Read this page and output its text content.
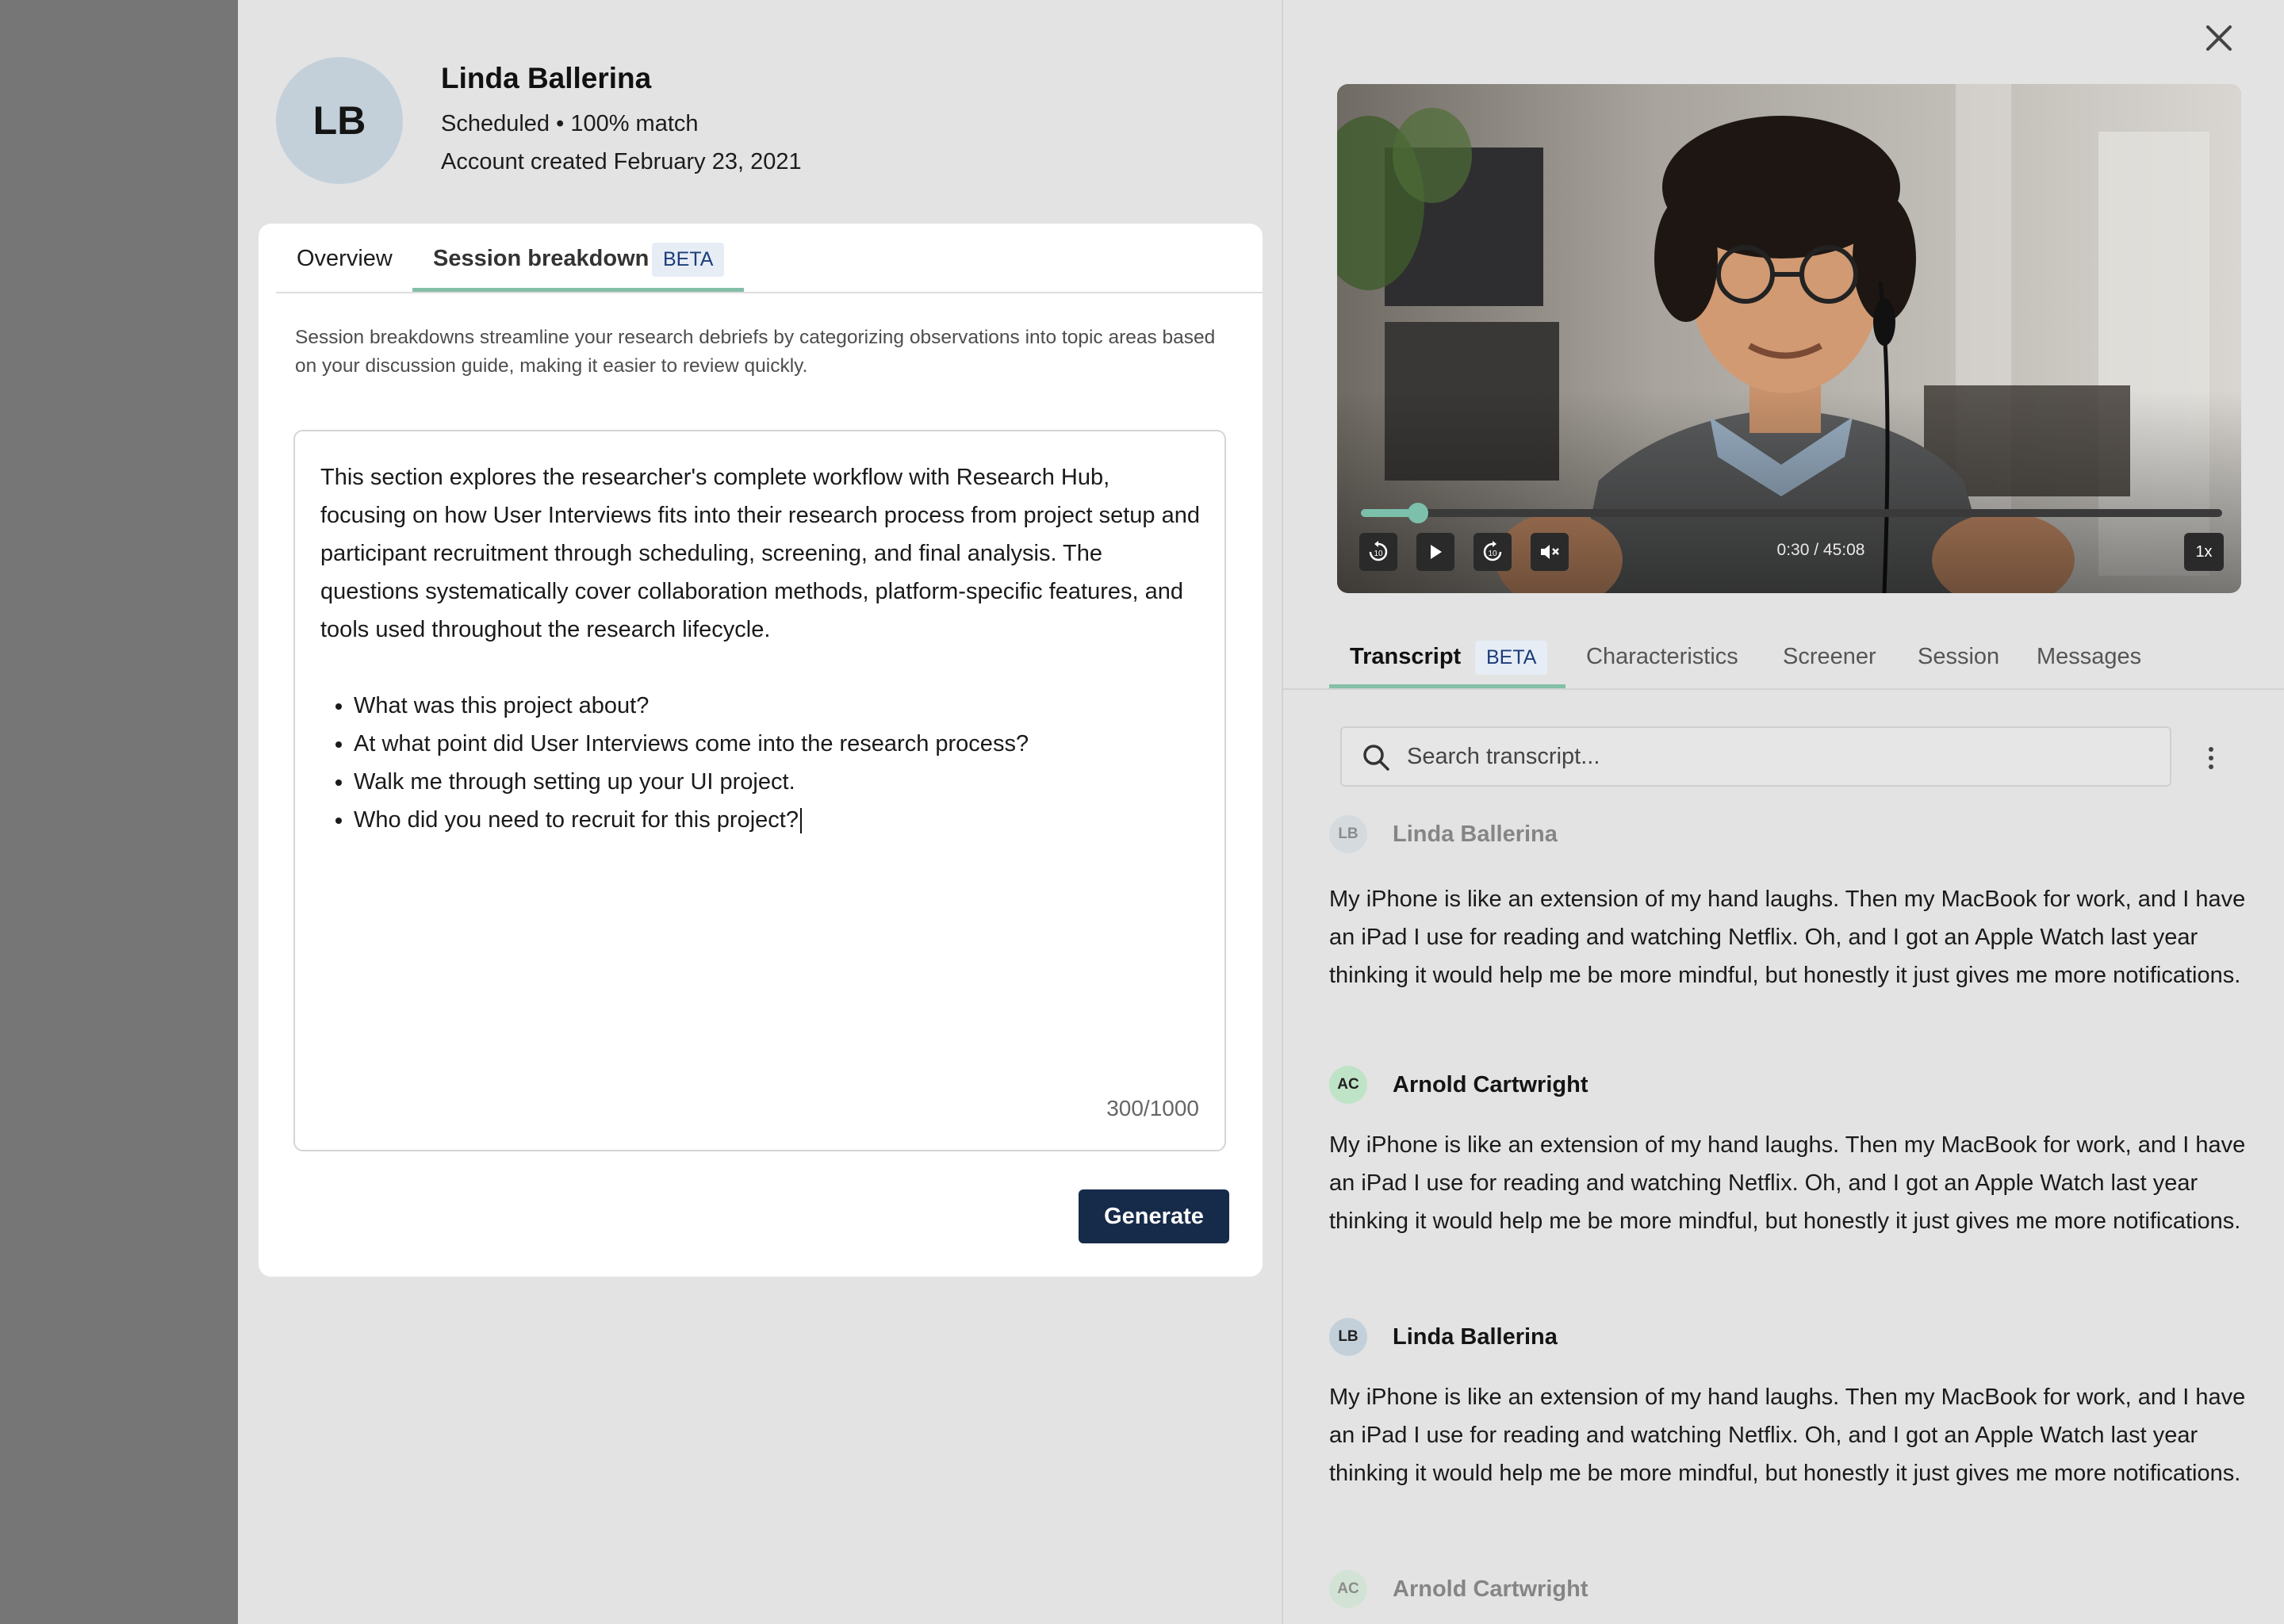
LB
Linda Ballerina
Scheduled • 100% match
Account created February 23, 2021
Overview Session breakdown BETA
Session breakdowns streamline your research debriefs by categorizing observations into topic areas based on your discussion guide, making it easier to review quickly.
This section explores the researcher's complete workflow with Research Hub, focusing on how User Interviews fits into their research process from project setup and participant recruitment through scheduling, screening, and final analysis. The questions systematically cover collaboration methods, platform-specific features, and tools used throughout the research lifecycle.
• What was this project about?
• At what point did User Interviews come into the research process?
• Walk me through setting up your UI project.
• Who did you need to recruit for this project?
300/1000
Generate
10	10	0:30 / 45:08	1x
Transcript	BETA	Characteristics Screener Session Messages
Search transcript...
LB	Linda Ballerina
My iPhone is like an extension of my hand laughs. Then my MacBook for work, and I have an iPad I use for reading and watching Netflix. Oh, and I got an Apple Watch last year thinking it would help me be more mindful, but honestly it just gives me more notifications.
AC	Arnold Cartwright
My iPhone is like an extension of my hand laughs. Then my MacBook for work, and I have an iPad I use for reading and watching Netflix. Oh, and I got an Apple Watch last year thinking it would help me be more mindful, but honestly it just gives me more notifications.
LB	Linda Ballerina
My iPhone is like an extension of my hand laughs. Then my MacBook for work, and I have an iPad I use for reading and watching Netflix. Oh, and I got an Apple Watch last year thinking it would help me be more mindful, but honestly it just gives me more notifications.
AC	Arnold Cartwright
